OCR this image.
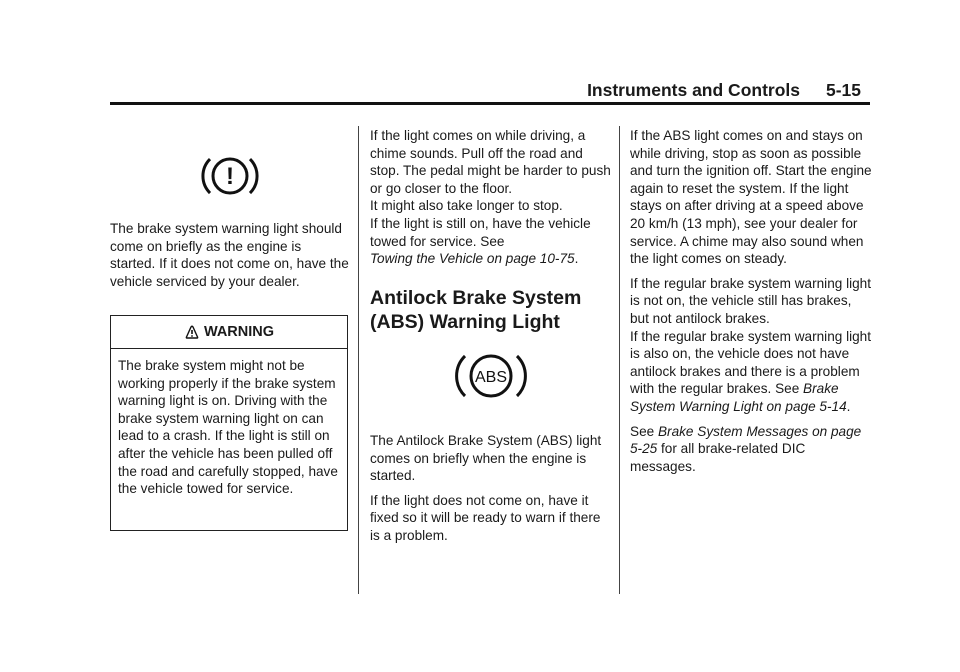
Instruments and Controls 5-15
!

The brake system warning light should come on briefly as the engine is started. If it does not come on, have the vehicle serviced by your dealer.

WARNING
The brake system might not be working properly if the brake system warning light is on. Driving with the brake system warning light on can lead to a crash. If the light is still on after the vehicle has been pulled off the road and carefully stopped, have the vehicle towed for service.

If the light comes on while driving, a chime sounds. Pull off the road and stop. The pedal might be harder to push or go closer to the floor.

It might also take longer to stop.

If the light is still on, have the vehicle towed for service. See
Towing the Vehicle on page 10-75.

Antilock Brake System (ABS) Warning Light
ABS

The Antilock Brake System (ABS) light comes on briefly when the engine is started.

If the light does not come on, have it fixed so it will be ready to warn if there is a problem.

If the ABS light comes on and stays on while driving, stop as soon as possible and turn the ignition off. Start the engine again to reset the system. If the light stays on after driving at a speed above 20 km/h (13 mph), see your dealer for service. A chime may also sound when the light comes on steady.

If the regular brake system warning light is not on, the vehicle still has brakes, but not antilock brakes.

If the regular brake system warning light is also on, the vehicle does not have antilock brakes and there is a problem with the regular brakes. See Brake System Warning Light on page 5-14.

See Brake System Messages on page 5-25 for all brake-related DIC messages.
